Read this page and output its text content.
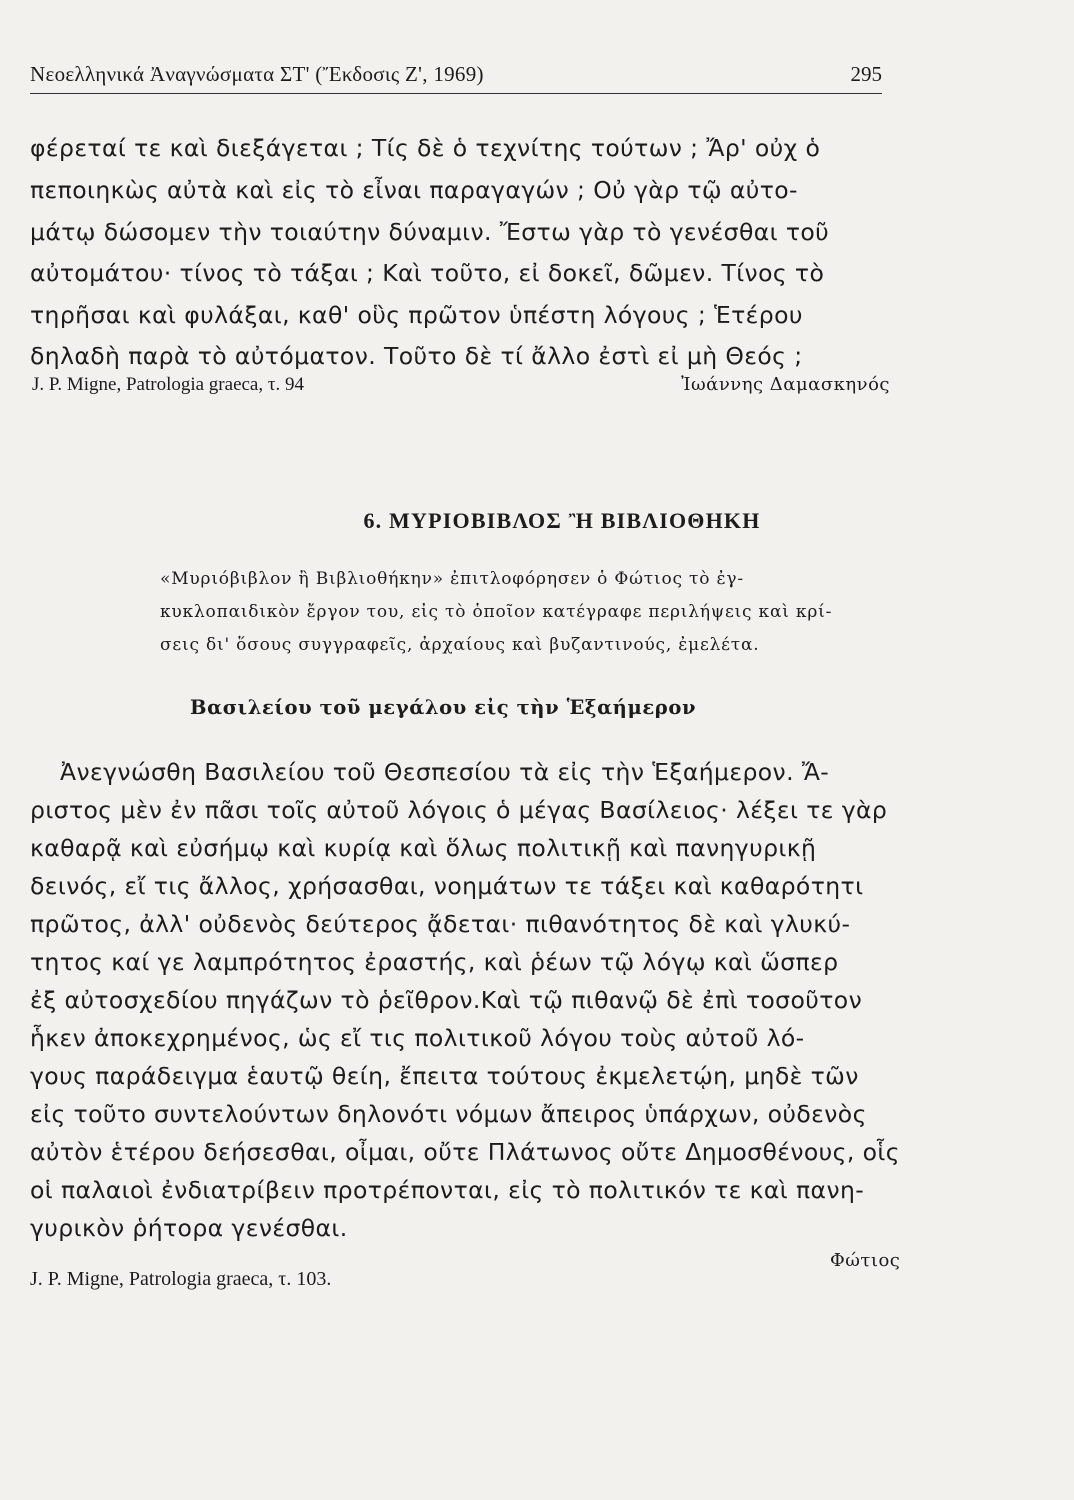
Νεοελληνικά Ἀναγνώσματα ΣΤ' (Ἔκδοσις Ζ', 1969)	295
φέρεταί τε καὶ διεξάγεται ; Τίς δὲ ὁ τεχνίτης τούτων ; Ἄρ' οὐχ ὁ
πεποιηκὼς αὐτὰ καὶ εἰς τὸ εἶναι παραγαγών ; Οὐ γὰρ τῷ αὐτο-
μάτῳ δώσομεν τὴν τοιαύτην δύναμιν. Ἔστω γὰρ τὸ γενέσθαι τοῦ
αὐτομάτου· τίνος τὸ τάξαι ; Καὶ τοῦτο, εἰ δοκεῖ, δῶμεν. Τίνος τὸ
τηρῆσαι καὶ φυλάξαι, καθ' οὓς πρῶτον ὑπέστη λόγους ; Ἑτέρου
δηλαδὴ παρὰ τὸ αὐτόματον. Τοῦτο δὲ τί ἄλλο ἐστὶ εἰ μὴ Θεός ;
J. P. Migne, Patrologia graeca, τ. 94	Ἰωάννης Δαμασκηνός
6. ΜΥΡΙΟΒΙΒΛΟΣ Ἢ ΒΙΒΛΙΟΘΗΚΗ
«Μυριόβιβλον ἢ Βιβλιοθήκην» ἐπιτλοφόρησεν ὁ Φώτιος τὸ ἐγ-
κυκλοπαιδικὸν ἔργον του, εἰς τὸ ὁποῖον κατέγραφε περιλήψεις καὶ κρί-
σεις δι' ὅσους συγγραφεῖς, ἀρχαίους καὶ βυζαντινούς, ἐμελέτα.
Βασιλείου τοῦ μεγάλου εἰς τὴν Ἑξαήμερον
Ἀνεγνώσθη Βασιλείου τοῦ Θεσπεσίου τὰ εἰς τὴν Ἑξαήμερον. Ἄ-
ριστος μὲν ἐν πᾶσι τοῖς αὐτοῦ λόγοις ὁ μέγας Βασίλειος· λέξει τε γὰρ
καθαρᾷ καὶ εὐσήμῳ καὶ κυρίᾳ καὶ ὅλως πολιτικῇ καὶ πανηγυρικῇ
δεινός, εἴ τις ἄλλος, χρήσασθαι, νοημάτων τε τάξει καὶ καθαρότητι
πρῶτος, ἀλλ' οὐδενὸς δεύτερος ᾄδεται· πιθανότητος δὲ καὶ γλυκύ-
τητος καί γε λαμπρότητος ἐραστής, καὶ ῥέων τῷ λόγῳ καὶ ὥσπερ
ἐξ αὐτοσχεδίου πηγάζων τὸ ῥεῖθρον.Καὶ τῷ πιθανῷ δὲ ἐπὶ τοσοῦτον
ἧκεν ἀποκεχρημένος, ὡς εἴ τις πολιτικοῦ λόγου τοὺς αὐτοῦ λό-
γους παράδειγμα ἑαυτῷ θείη, ἔπειτα τούτους ἐκμελετῴη, μηδὲ τῶν
εἰς τοῦτο συντελούντων δηλονότι νόμων ἄπειρος ὑπάρχων, οὐδενὸς
αὐτὸν ἑτέρου δεήσεσθαι, οἶμαι, οὔτε Πλάτωνος οὔτε Δημοσθένους, οἷς
οἱ παλαιοὶ ἐνδιατρίβειν προτρέπονται, εἰς τὸ πολιτικόν τε καὶ πανη-
γυρικὸν ῥήτορα γενέσθαι.
Φώτιος
J. P. Migne, Patrologia graeca, τ. 103.
